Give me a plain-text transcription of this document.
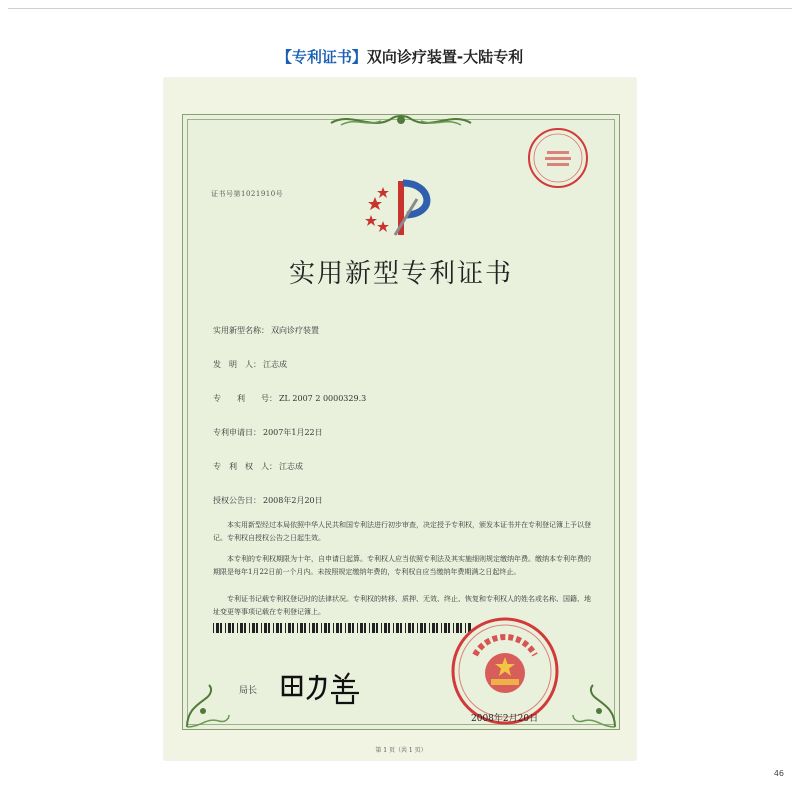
【专利证书】双向诊疗装置-大陆专利
证书号第1021910号
实用新型专利证书
实用新型名称： 双向诊疗装置
发　明　人： 江志成
专　　利　　号： ZL 2007 2 0000329.3
专利申请日： 2007年1月22日
专　利　权　人： 江志成
授权公告日： 2008年2月20日
本实用新型经过本局依照中华人民共和国专利法进行初步审查，决定授予专利权，颁发本证书并在专利登记簿上予以登记。专利权自授权公告之日起生效。
本专利的专利权期限为十年，自申请日起算。专利权人应当依照专利法及其实施细则规定缴纳年费。缴纳本专利年费的期限是每年1月22日前一个月内。未按照规定缴纳年费的，专利权自应当缴纳年费期满之日起终止。
专利证书记载专利权登记时的法律状况。专利权的转移、质押、无效、终止、恢复和专利权人的姓名或名称、国籍、地址变更等事项记载在专利登记簿上。
局长
2008年2月20日
第 1 页（共 1 页）
46
